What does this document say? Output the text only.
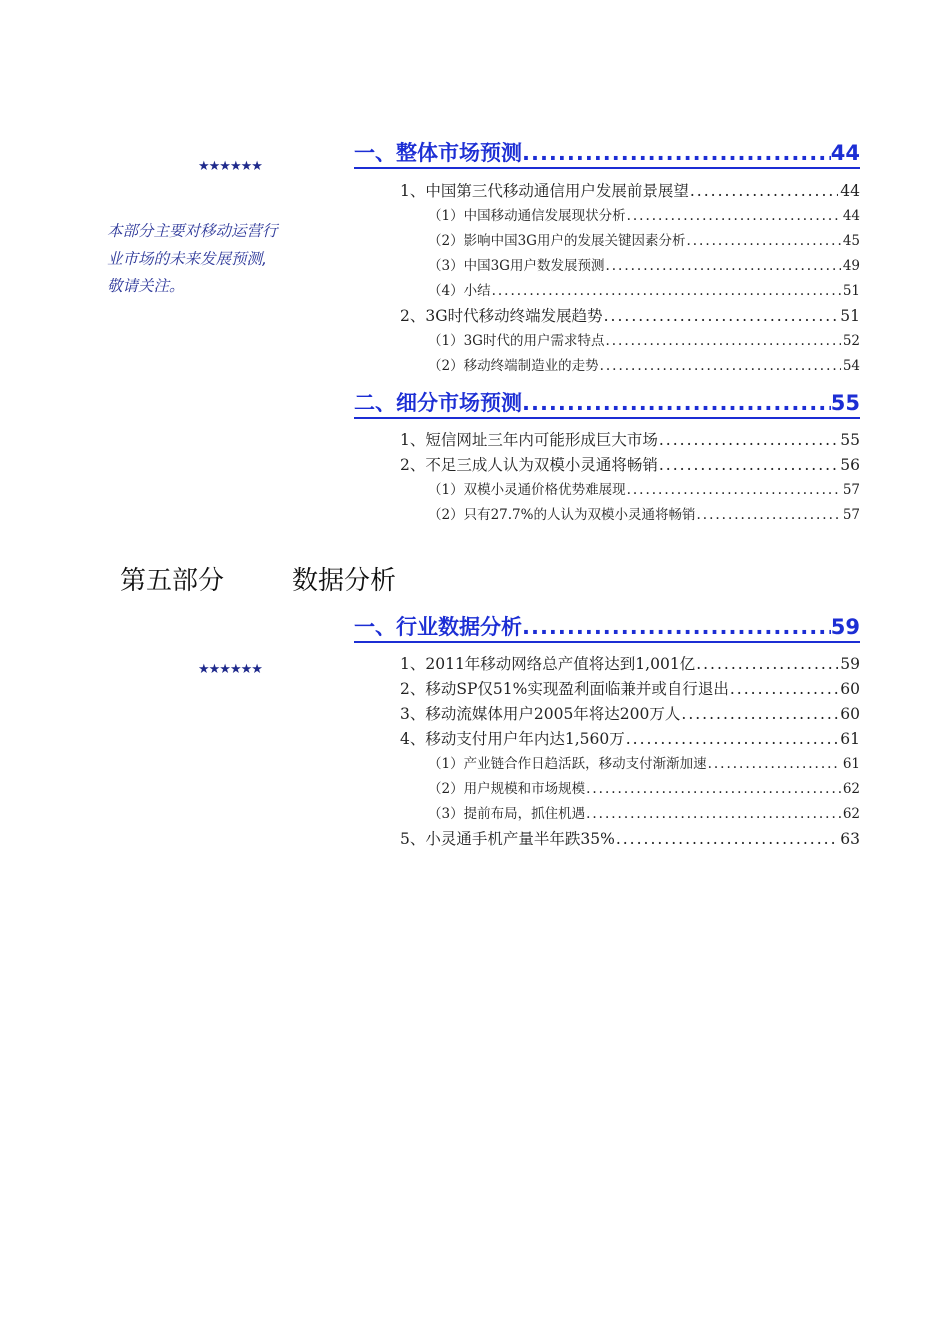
★★★★★★
★★★★★★
本部分主要对移动运营行
业市场的未来发展预测,
敬请关注。
一、整体市场预测 .....	44
1、中国第三代移动通信用户发展前景展望 .....	44
（1）中国移动通信发展现状分析 .....	44
（2）影响中国3G用户的发展关键因素分析 .....	45
（3）中国3G用户数发展预测 .....	49
（4）小结 .....	51
2、3G时代移动终端发展趋势 .....	51
（1）3G时代的用户需求特点 .....	52
（2）移动终端制造业的走势 .....	54
二、细分市场预测 .....	55
1、短信网址三年内可能形成巨大市场 .....	55
2、不足三成人认为双模小灵通将畅销 .....	56
（1）双模小灵通价格优势难展现 .....	57
（2）只有27.7%的人认为双模小灵通将畅销 .....	57
第五部分	数据分析
一、行业数据分析 .....	59
1、2011年移动网络总产值将达到1,001亿 .....	59
2、移动SP仅51%实现盈利面临兼并或自行退出 .....	60
3、移动流媒体用户2005年将达200万人 .....	60
4、移动支付用户年内达1,560万 .....	61
（1）产业链合作日趋活跃，移动支付渐渐加速 .....	61
（2）用户规模和市场规模 .....	62
（3）提前布局，抓住机遇 .....	62
5、小灵通手机产量半年跌35% .....	63
